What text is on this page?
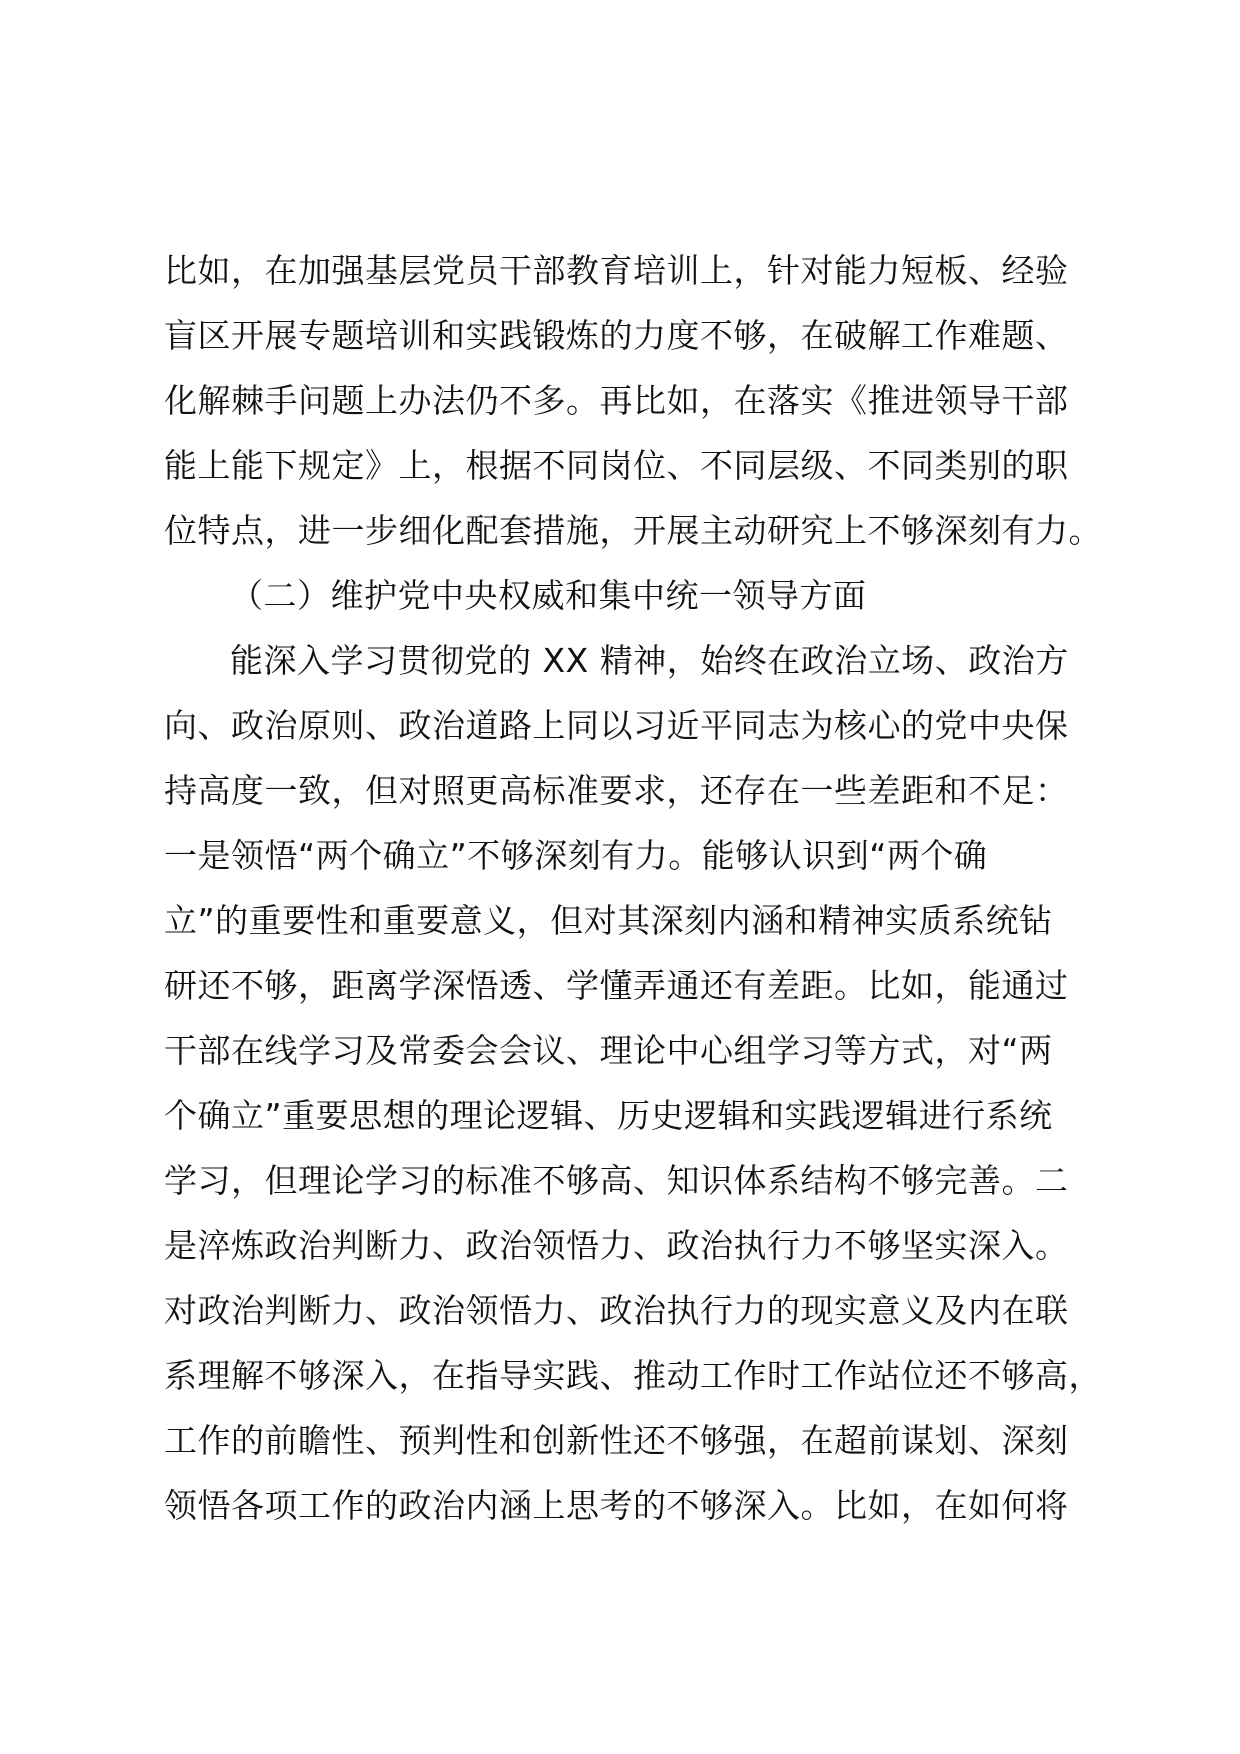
比如，在加强基层党员干部教育培训上，针对能力短板、经验
盲区开展专题培训和实践锻炼的力度不够，在破解工作难题、
化解棘手问题上办法仍不多。再比如，在落实《推进领导干部
能上能下规定》上，根据不同岗位、不同层级、不同类别的职
位特点，进一步细化配套措施，开展主动研究上不够深刻有力。
（二）维护党中央权威和集中统一领导方面
能深入学习贯彻党的 XX 精神，始终在政治立场、政治方
向、政治原则、政治道路上同以习近平同志为核心的党中央保
持高度一致，但对照更高标准要求，还存在一些差距和不足：
一是领悟“两个确立”不够深刻有力。能够认识到“两个确
立”的重要性和重要意义，但对其深刻内涵和精神实质系统钻
研还不够，距离学深悟透、学懂弄通还有差距。比如，能通过
干部在线学习及常委会会议、理论中心组学习等方式，对“两
个确立”重要思想的理论逻辑、历史逻辑和实践逻辑进行系统
学习，但理论学习的标准不够高、知识体系结构不够完善。二
是淬炼政治判断力、政治领悟力、政治执行力不够坚实深入。
对政治判断力、政治领悟力、政治执行力的现实意义及内在联
系理解不够深入，在指导实践、推动工作时工作站位还不够高，
工作的前瞻性、预判性和创新性还不够强，在超前谋划、深刻
领悟各项工作的政治内涵上思考的不够深入。比如，在如何将
